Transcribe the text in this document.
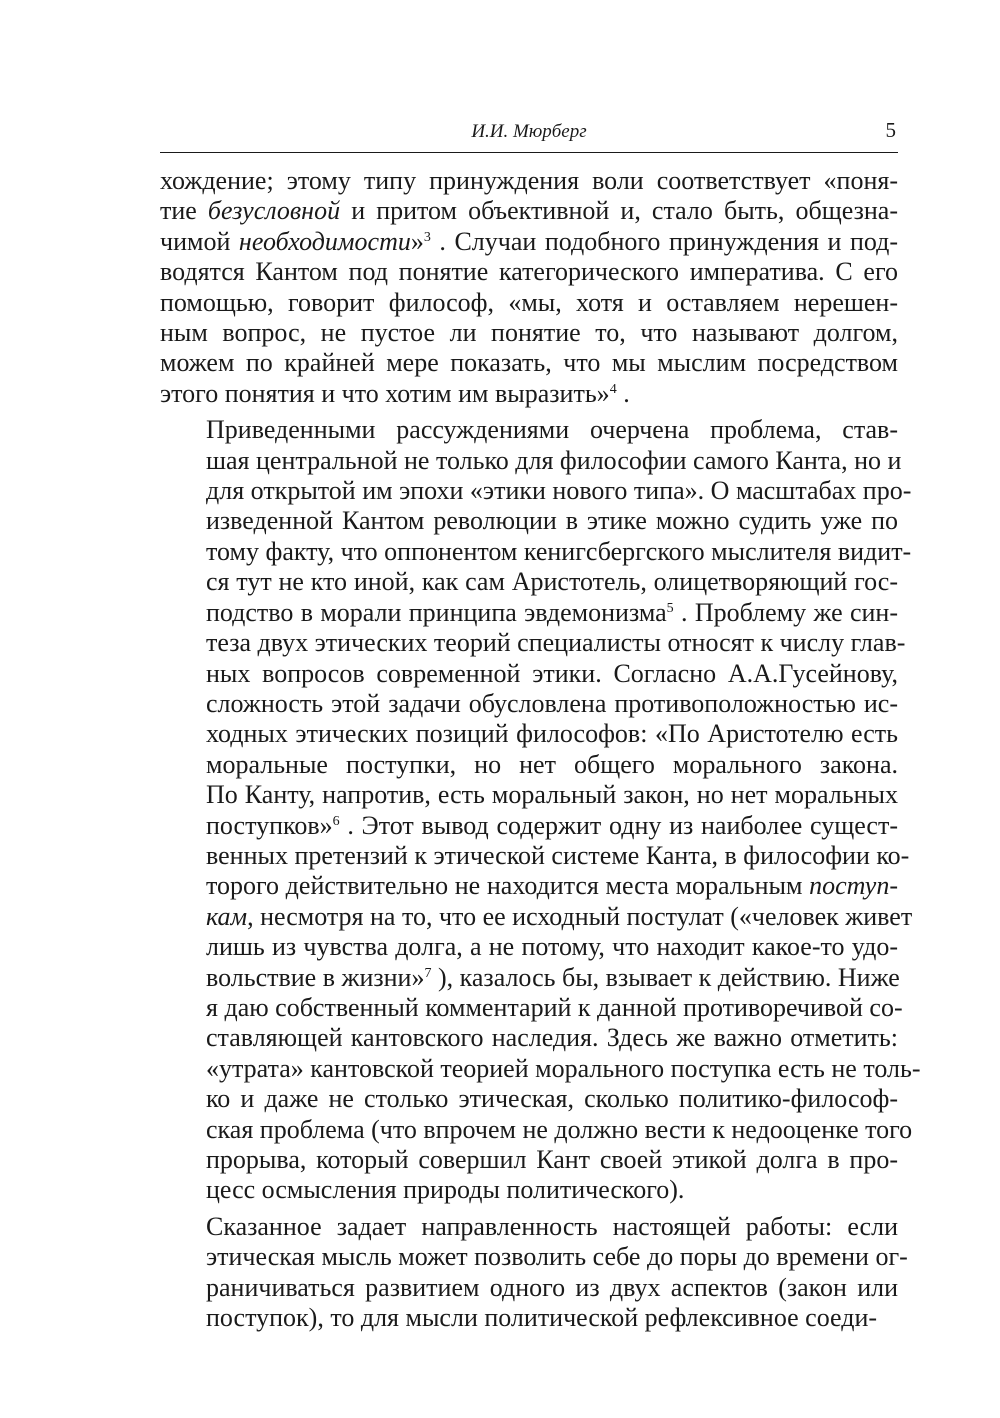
И.И. Мюрберг	5

хождение; этому типу принуждения воли соответствует «поня-
тие безусловной и притом объективной и, стало быть, общезна-
чимой необходимости»$^3$ . Случаи подобного принуждения и под-
водятся Кантом под понятие категорического императива. С его
помощью, говорит философ, «мы, хотя и оставляем нерешен-
ным вопрос, не пустое ли понятие то, что называют долгом,
можем по крайней мере показать, что мы мыслим посредством
этого понятия и что хотим им выразить»$^4$ .

Приведенными рассуждениями очерчена проблема, став-
шая центральной не только для философии самого Канта, но и
для открытой им эпохи «этики нового типа». О масштабах про-
изведенной Кантом революции в этике можно судить уже по
тому факту, что оппонентом кенигсбергского мыслителя видит-
ся тут не кто иной, как сам Аристотель, олицетворяющий гос-
подство в морали принципа эвдемонизма$^5$ . Проблему же син-
теза двух этических теорий специалисты относят к числу глав-
ных вопросов современной этики. Согласно А.А.Гусейнову,
сложность этой задачи обусловлена противоположностью ис-
ходных этических позиций философов: «По Аристотелю есть
моральные поступки, но нет общего морального закона.
По Канту, напротив, есть моральный закон, но нет моральных
поступков»$^6$ . Этот вывод содержит одну из наиболее сущест-
венных претензий к этической системе Канта, в философии ко-
торого действительно не находится места моральным поступ-
кам, несмотря на то, что ее исходный постулат («человек живет
лишь из чувства долга, а не потому, что находит какое-то удо-
вольствие в жизни»$^7$ ), казалось бы, взывает к действию. Ниже
я даю собственный комментарий к данной противоречивой со-
ставляющей кантовского наследия. Здесь же важно отметить:
«утрата» кантовской теорией морального поступка есть не толь-
ко и даже не столько этическая, сколько политико-философ-
ская проблема (что впрочем не должно вести к недооценке того
прорыва, который совершил Кант своей этикой долга в про-
цесс осмысления природы политического).

Сказанное задает направленность настоящей работы: если
этическая мысль может позволить себе до поры до времени ог-
раничиваться развитием одного из двух аспектов (закон или
поступок), то для мысли политической рефлексивное соеди-
